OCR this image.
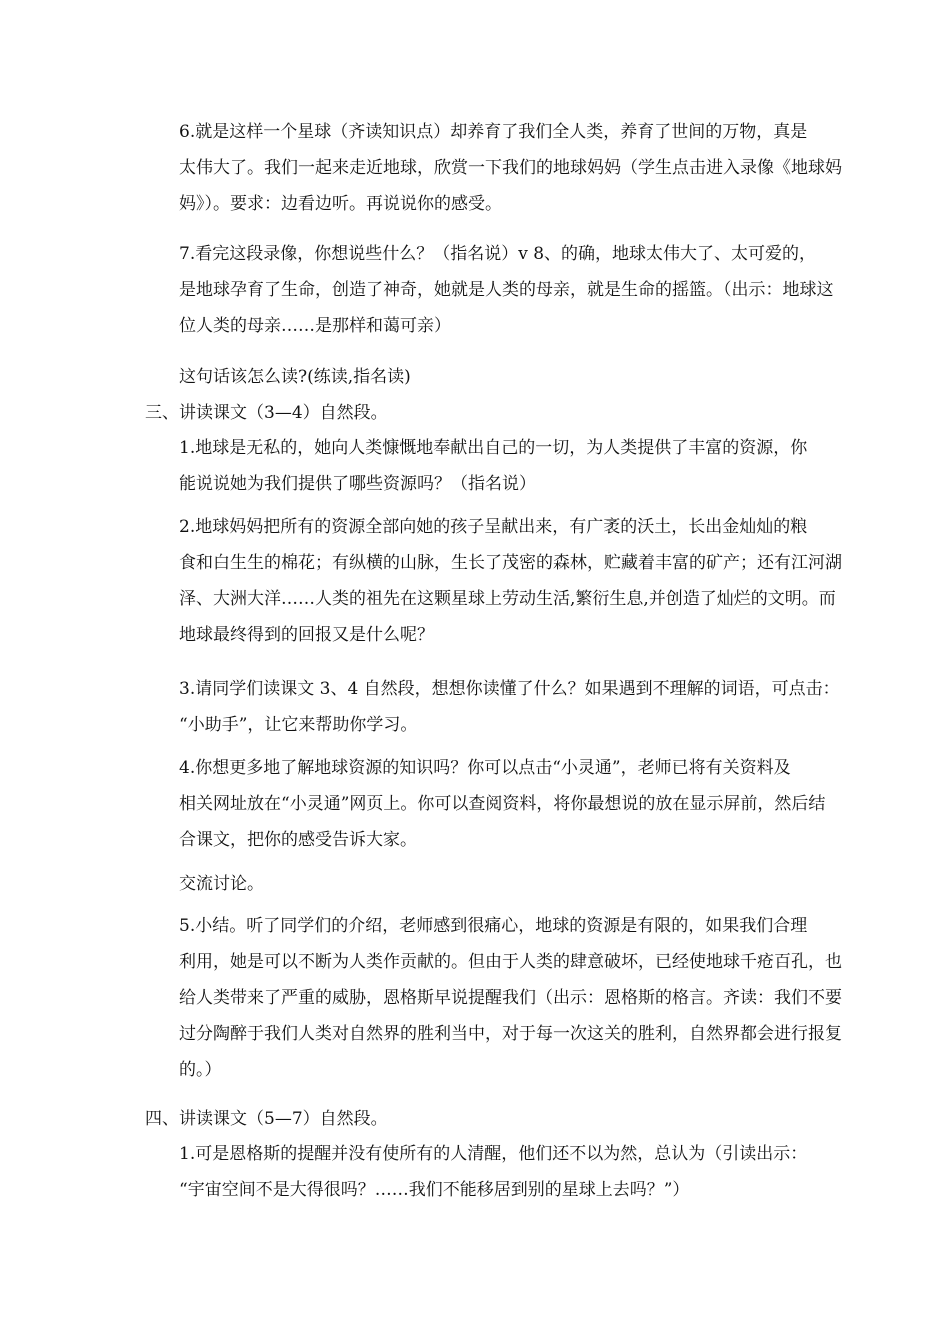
6.就是这样一个星球（齐读知识点）却养育了我们全人类，养育了世间的万物，真是
太伟大了。我们一起来走近地球，欣赏一下我们的地球妈妈（学生点击进入录像《地球妈
妈》）。要求：边看边听。再说说你的感受。
7.看完这段录像，你想说些什么？（指名说）v 8、的确，地球太伟大了、太可爱的，
是地球孕育了生命，创造了神奇，她就是人类的母亲，就是生命的摇篮。（出示：地球这
位人类的母亲……是那样和蔼可亲）
这句话该怎么读?(练读,指名读)
三、讲读课文（3—4）自然段。
1.地球是无私的，她向人类慷慨地奉献出自己的一切，为人类提供了丰富的资源，你
能说说她为我们提供了哪些资源吗？（指名说）
2.地球妈妈把所有的资源全部向她的孩子呈献出来，有广袤的沃土，长出金灿灿的粮
食和白生生的棉花；有纵横的山脉，生长了茂密的森林，贮藏着丰富的矿产；还有江河湖
泽、大洲大洋……人类的祖先在这颗星球上劳动生活,繁衍生息,并创造了灿烂的文明。而
地球最终得到的回报又是什么呢？
3.请同学们读课文 3、4 自然段，想想你读懂了什么？如果遇到不理解的词语，可点击：
“小助手”，让它来帮助你学习。
4.你想更多地了解地球资源的知识吗？你可以点击“小灵通”，老师已将有关资料及
相关网址放在“小灵通”网页上。你可以查阅资料，将你最想说的放在显示屏前，然后结
合课文，把你的感受告诉大家。
交流讨论。
5.小结。听了同学们的介绍，老师感到很痛心，地球的资源是有限的，如果我们合理
利用，她是可以不断为人类作贡献的。但由于人类的肆意破坏，已经使地球千疮百孔，也
给人类带来了严重的威胁，恩格斯早说提醒我们（出示：恩格斯的格言。齐读：我们不要
过分陶醉于我们人类对自然界的胜利当中，对于每一次这关的胜利，自然界都会进行报复
的。）
四、讲读课文（5—7）自然段。
1.可是恩格斯的提醒并没有使所有的人清醒，他们还不以为然，总认为（引读出示：
“宇宙空间不是大得很吗？……我们不能移居到别的星球上去吗？”）
